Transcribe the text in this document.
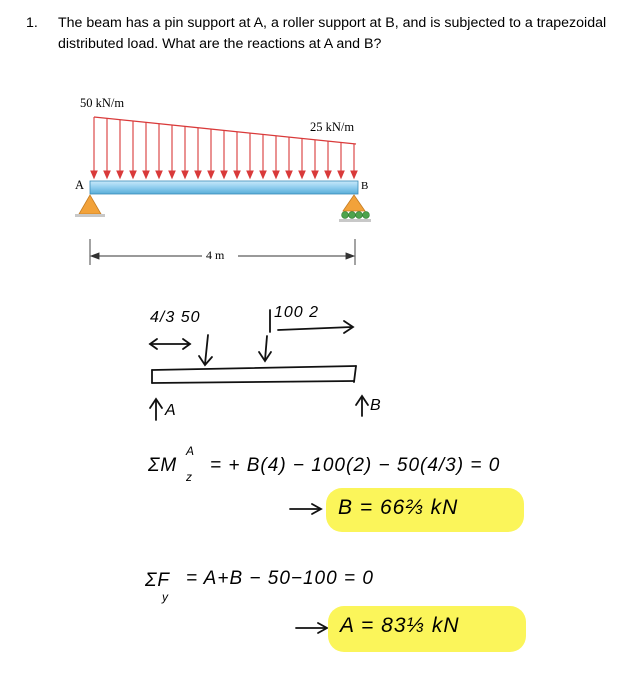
1. The beam has a pin support at A, a roller support at B, and is subjected to a trapezoidal distributed load. What are the reactions at A and B?
50 kN/m
25 kN/m
A	B
4 m
4/3 50	100 2
A	B
ΣM
A
z
= + B(4) − 100(2) − 50(4/3) = 0
B = 66⅔ kN
ΣF
y
= A+B − 50−100 = 0
A = 83⅓ kN
